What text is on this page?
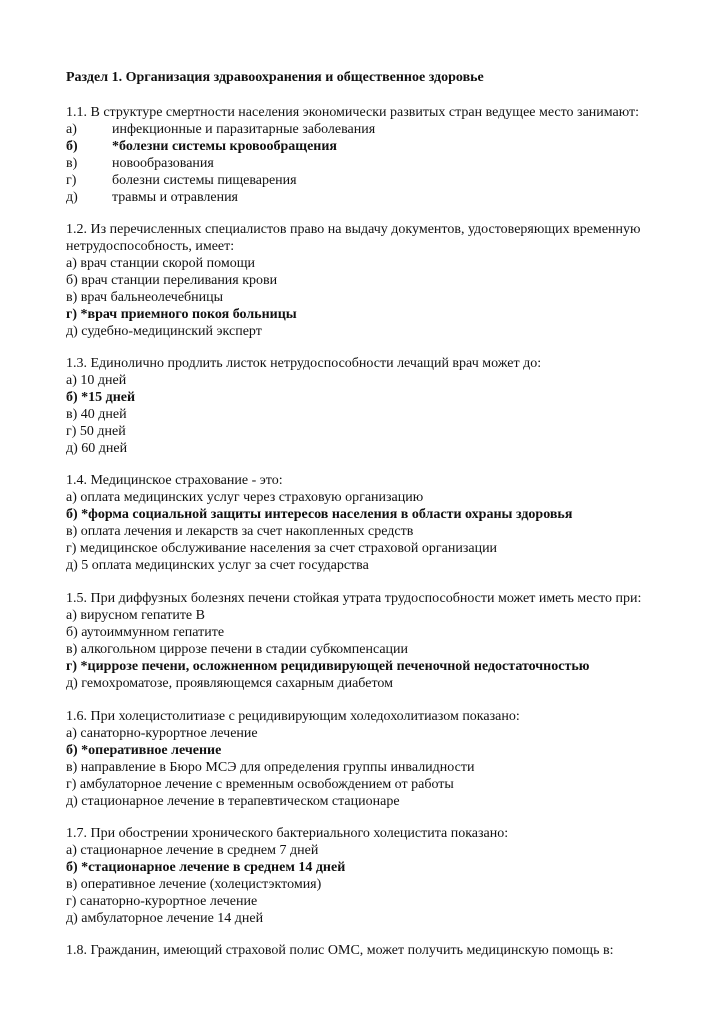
Раздел 1. Организация здравоохранения и общественное здоровье
1.1. В структуре смертности населения экономически развитых стран ведущее место занимают:
а)	инфекционные и паразитарные заболевания
б) *болезни системы кровообращения
в) новообразования
г)	болезни системы пищеварения
д) травмы и отравления
1.2. Из перечисленных специалистов право на выдачу документов, удостоверяющих временную нетрудоспособность, имеет:
а) врач станции скорой помощи
б) врач станции переливания крови
в) врач бальнеолечебницы
г) *врач приемного покоя больницы
д) судебно-медицинский эксперт
1.3. Единолично продлить листок нетрудоспособности лечащий врач может до:
а) 10 дней
б) *15 дней
в) 40 дней
г) 50 дней
д) 60 дней
1.4. Медицинское страхование - это:
а) оплата медицинских услуг через страховую организацию
б) *форма социальной защиты интересов населения в области охраны здоровья
в) оплата лечения и лекарств за счет накопленных средств
г) медицинское обслуживание населения за счет страховой организации
д) 5 оплата медицинских услуг за счет государства
1.5. При диффузных болезнях печени стойкая утрата трудоспособности может иметь место при:
а) вирусном гепатите В
б) аутоиммунном гепатите
в) алкогольном циррозе печени в стадии субкомпенсации
г) *циррозе печени, осложненном рецидивирующей печеночной недостаточностью
д) гемохроматозе, проявляющемся сахарным диабетом
1.6. При холецистолитиазе с рецидивирующим холедохолитиазом показано:
а) санаторно-курортное лечение
б) *оперативное лечение
в) направление в Бюро МСЭ для определения группы инвалидности
г) амбулаторное лечение с временным освобождением от работы
д) стационарное лечение в терапевтическом стационаре
1.7. При обострении хронического бактериального холецистита показано:
а) стационарное лечение в среднем 7 дней
б) *стационарное лечение в среднем 14 дней
в) оперативное лечение (холецистэктомия)
г) санаторно-курортное лечение
д) амбулаторное лечение 14 дней
1.8. Гражданин, имеющий страховой полис ОМС, может получить медицинскую помощь в:
